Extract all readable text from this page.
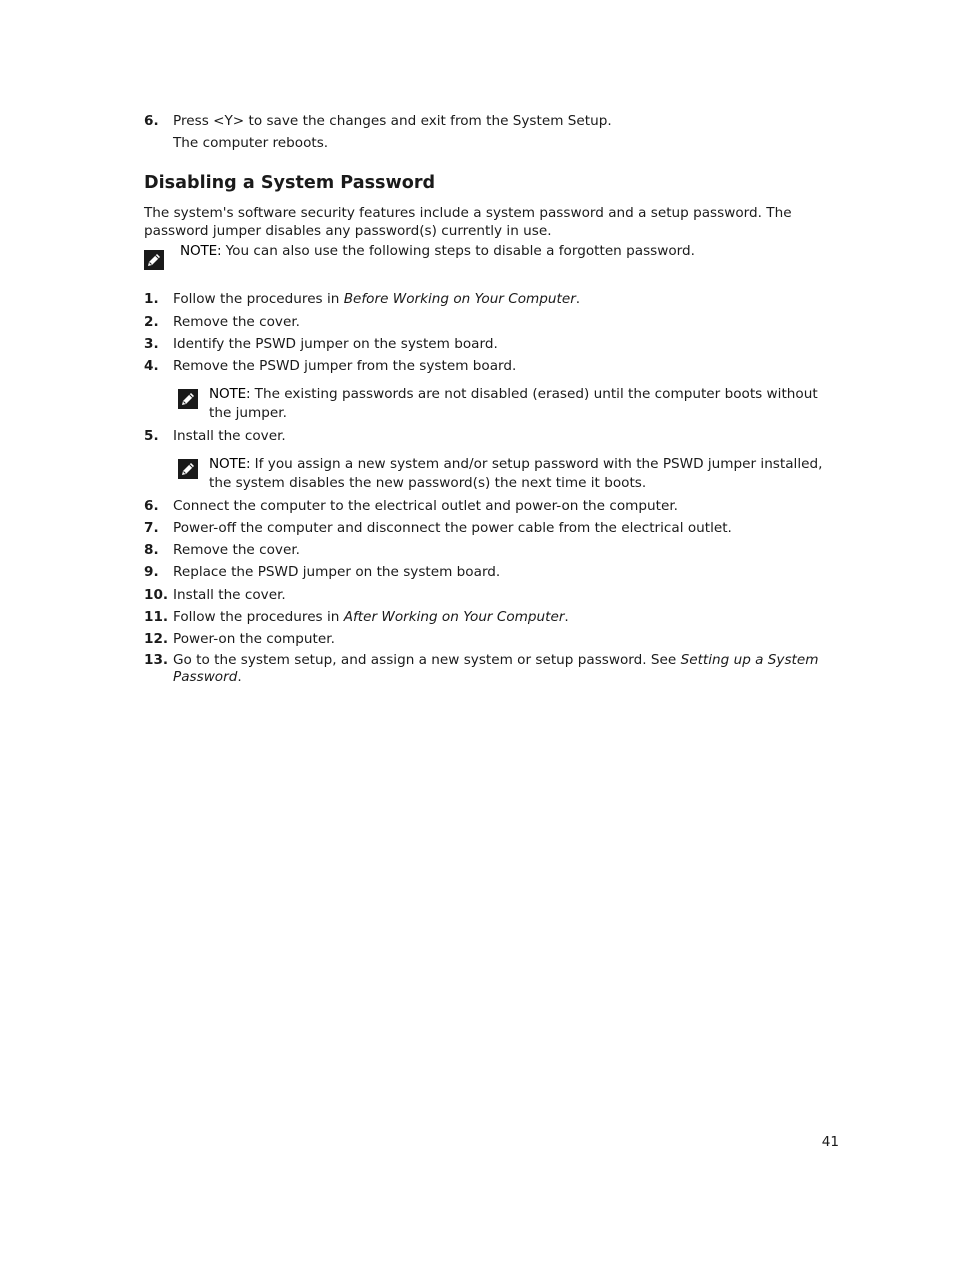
6.	Press <Y> to save the changes and exit from the System Setup.
The computer reboots.
Disabling a System Password
The system's software security features include a system password and a setup password. The password jumper disables any password(s) currently in use.
NOTE: You can also use the following steps to disable a forgotten password.
1.	Follow the procedures in Before Working on Your Computer.
2.	Remove the cover.
3.	Identify the PSWD jumper on the system board.
4.	Remove the PSWD jumper from the system board.
NOTE: The existing passwords are not disabled (erased) until the computer boots without the jumper.
5.	Install the cover.
NOTE: If you assign a new system and/or setup password with the PSWD jumper installed, the system disables the new password(s) the next time it boots.
6.	Connect the computer to the electrical outlet and power-on the computer.
7.	Power-off the computer and disconnect the power cable from the electrical outlet.
8.	Remove the cover.
9.	Replace the PSWD jumper on the system board.
10. Install the cover.
11. Follow the procedures in After Working on Your Computer.
12. Power-on the computer.
13. Go to the system setup, and assign a new system or setup password. See Setting up a System Password.
41
